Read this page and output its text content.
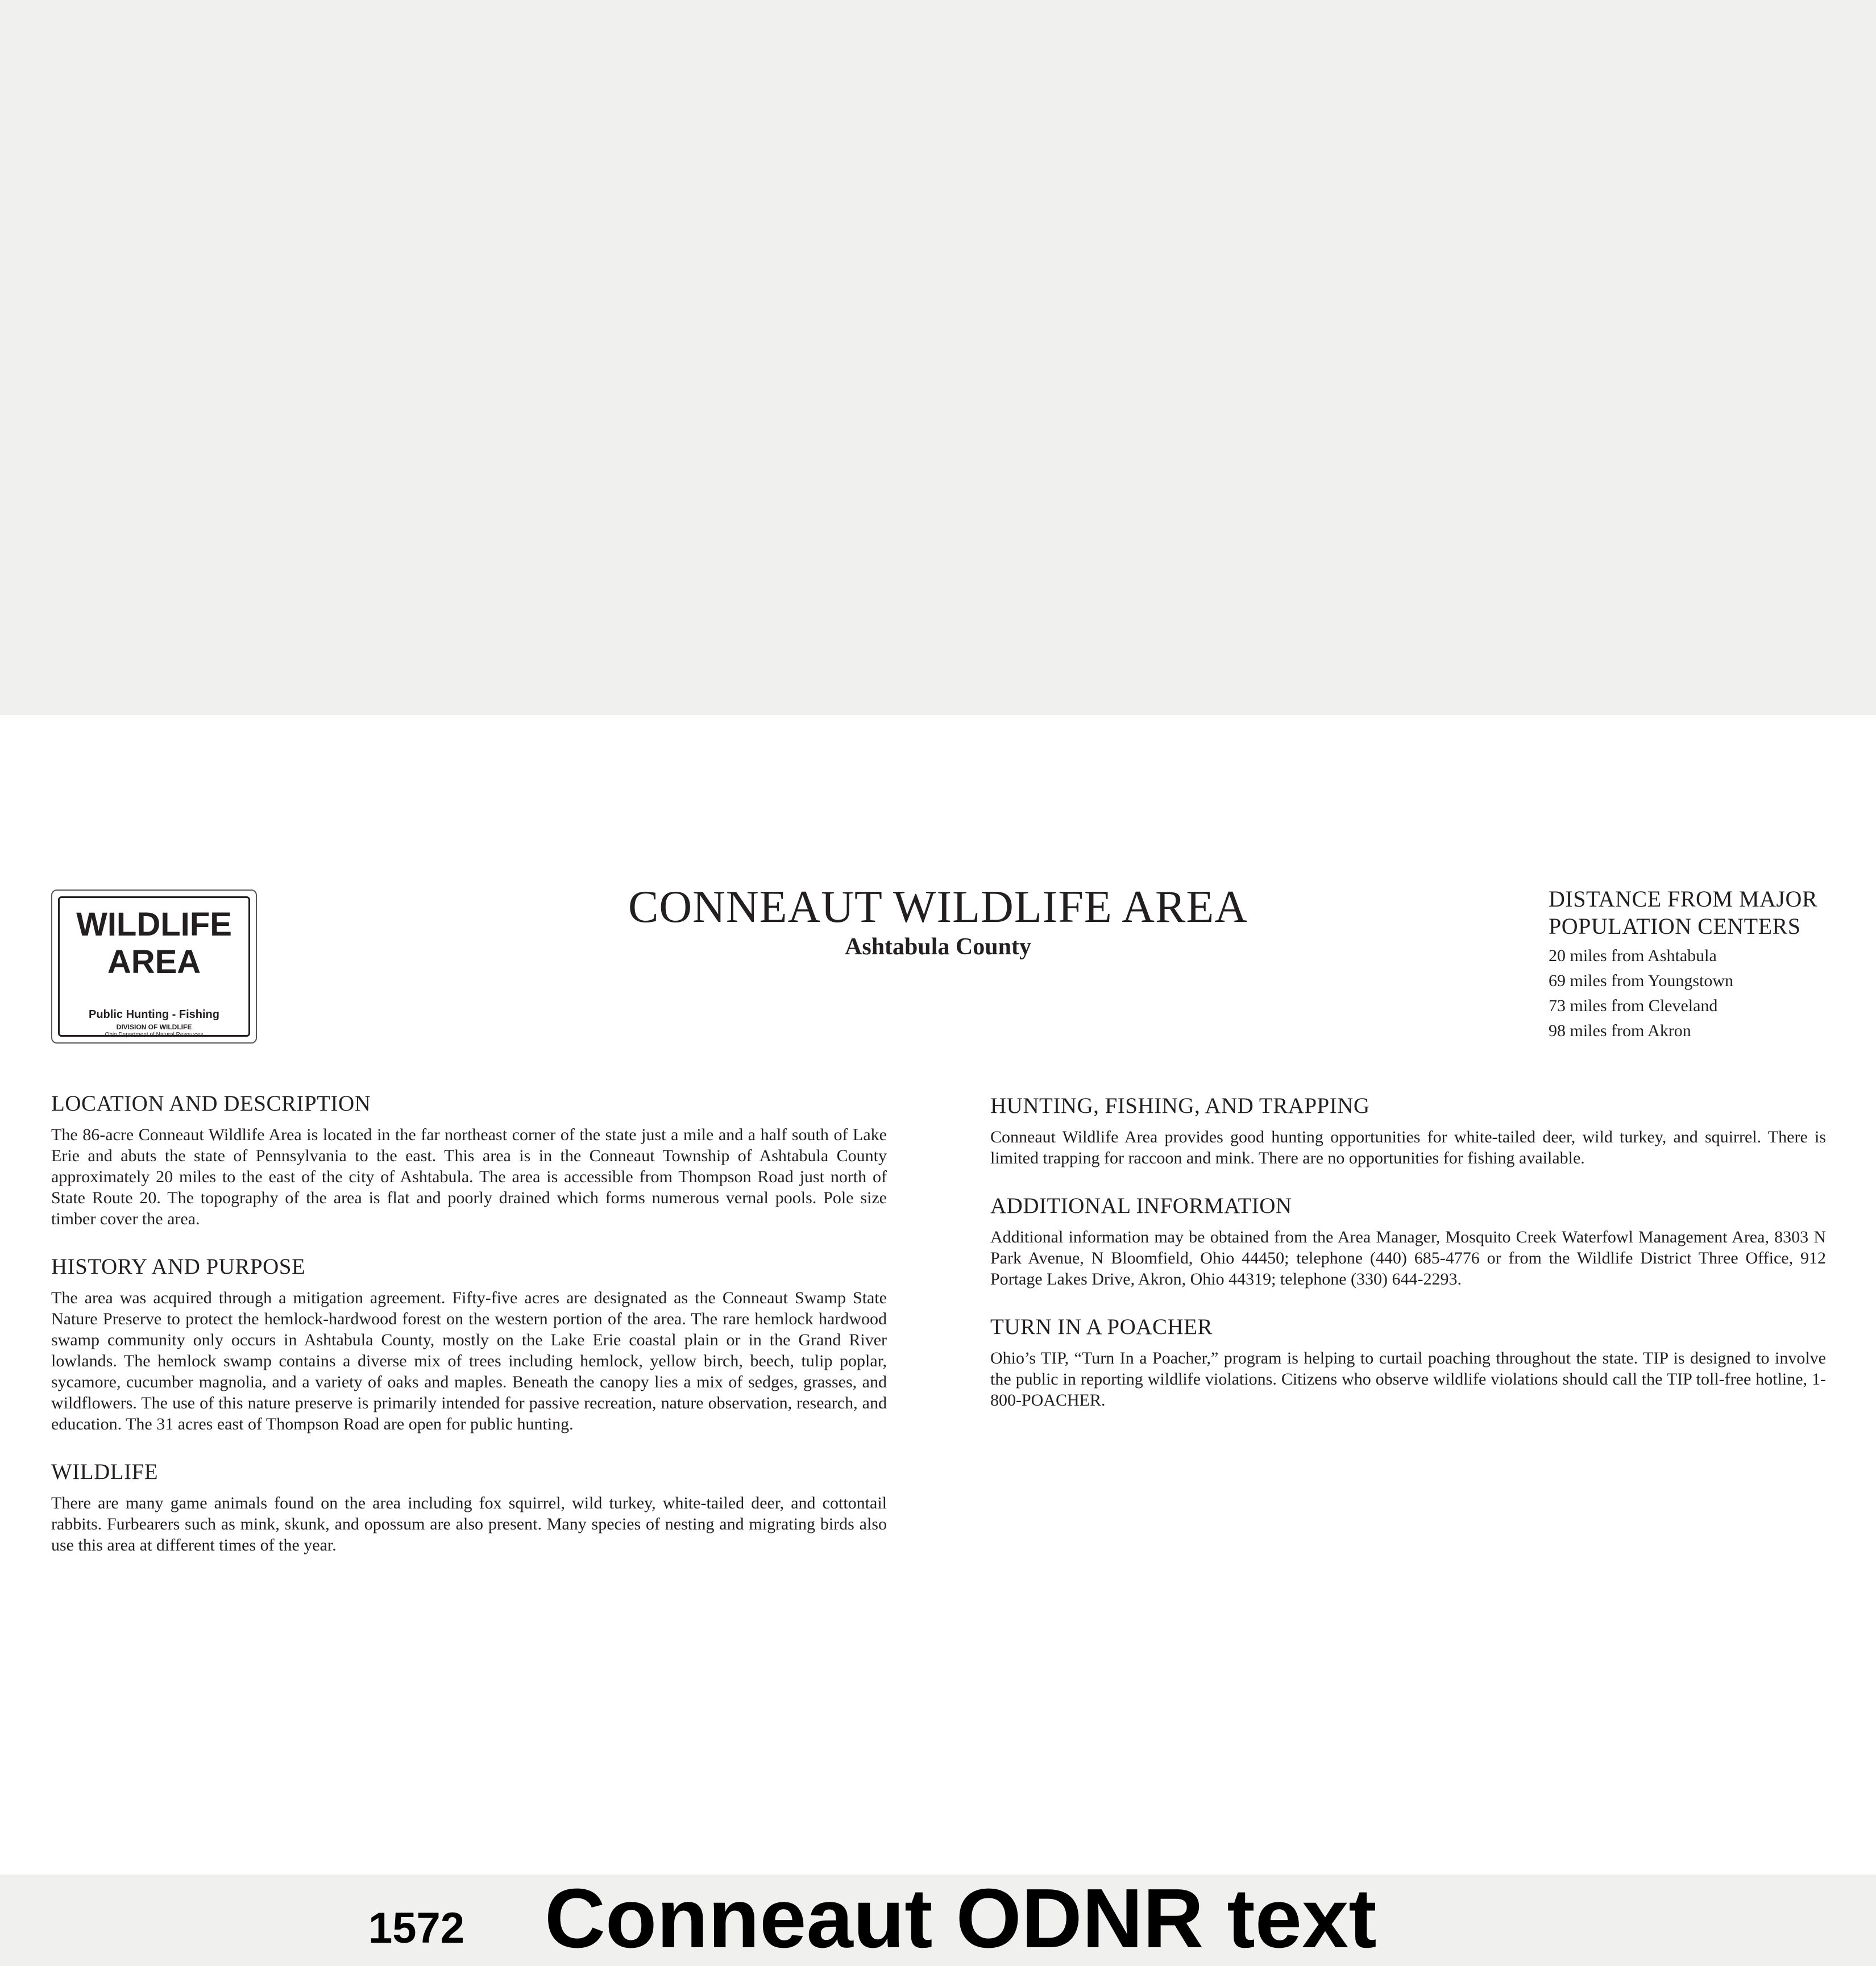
WILDLIFE
AREA
Public Hunting - Fishing
DIVISION OF WILDLIFE
Ohio Department of Natural Resources
CONNEAUT WILDLIFE AREA
Ashtabula County
DISTANCE FROM MAJOR
POPULATION CENTERS
20 miles from Ashtabula
69 miles from Youngstown
73 miles from Cleveland
98 miles from Akron
LOCATION AND DESCRIPTION

The 86-acre Conneaut Wildlife Area is located in the far northeast corner of the state just a mile and a half south of Lake Erie and abuts the state of Pennsylvania to the east. This area is in the Conneaut Township of Ashtabula County approximately 20 miles to the east of the city of Ashtabula. The area is accessible from Thompson Road just north of State Route 20. The topography of the area is flat and poorly drained which forms numerous vernal pools. Pole size timber cover the area.

HISTORY AND PURPOSE

The area was acquired through a mitigation agreement. Fifty-five acres are designated as the Conneaut Swamp State Nature Preserve to protect the hemlock-hardwood forest on the western portion of the area. The rare hemlock hardwood swamp community only occurs in Ashtabula County, mostly on the Lake Erie coastal plain or in the Grand River lowlands. The hemlock swamp contains a diverse mix of trees including hemlock, yellow birch, beech, tulip poplar, sycamore, cucumber magnolia, and a variety of oaks and maples. Beneath the canopy lies a mix of sedges, grasses, and wildflowers. The use of this nature preserve is primarily intended for passive recreation, nature observation, research, and education. The 31 acres east of Thompson Road are open for public hunting.

WILDLIFE

There are many game animals found on the area including fox squirrel, wild turkey, white-tailed deer, and cottontail rabbits. Furbearers such as mink, skunk, and opossum are also present. Many species of nesting and migrating birds also use this area at different times of the year.

HUNTING, FISHING, AND TRAPPING

Conneaut Wildlife Area provides good hunting opportunities for white-tailed deer, wild turkey, and squirrel. There is limited trapping for raccoon and mink. There are no opportunities for fishing available.

ADDITIONAL INFORMATION

Additional information may be obtained from the Area Manager, Mosquito Creek Waterfowl Management Area, 8303 N Park Avenue, N Bloomfield, Ohio 44450; telephone (440) 685-4776 or from the Wildlife District Three Office, 912 Portage Lakes Drive, Akron, Ohio 44319; telephone (330) 644-2293.

TURN IN A POACHER

Ohio’s TIP, “Turn In a Poacher,” program is helping to curtail poaching throughout the state. TIP is designed to involve the public in reporting wildlife violations. Citizens who observe wildlife violations should call the TIP toll-free hotline, 1-800-POACHER.

1572 Conneaut ODNR text
